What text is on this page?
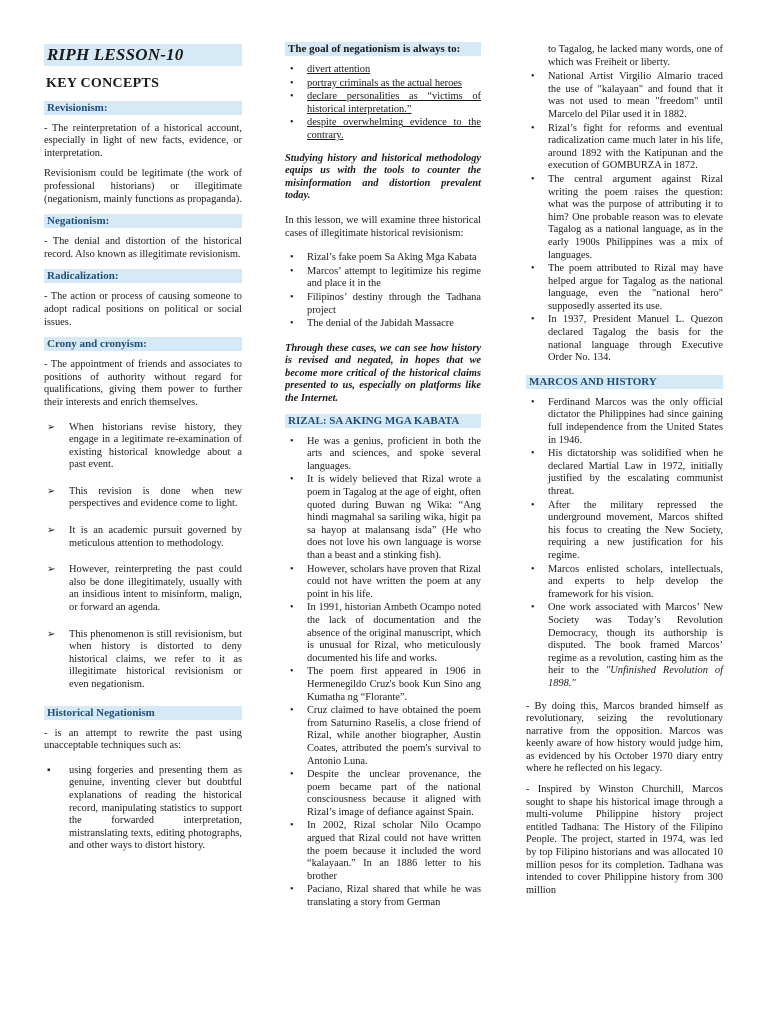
RIPH LESSON-10
KEY CONCEPTS
Revisionism:

- The reinterpretation of a historical account, especially in light of new facts, evidence, or interpretation.

Revisionism could be legitimate (the work of professional historians) or illegitimate (negationism, mainly functions as propaganda).

Negationism:

- The denial and distortion of the historical record. Also known as illegitimate revisionism.

Radicalization:

- The action or process of causing someone to adopt radical positions on political or social issues.

Crony and cronyism:

- The appointment of friends and associates to positions of authority without regard for qualifications, giving them power to further their interests and enrich themselves.

➢ When historians revise history, they engage in a legitimate re-examination of existing historical knowledge about a past event.
➢ This revision is done when new perspectives and evidence come to light.
➢ It is an academic pursuit governed by meticulous attention to methodology.
➢ However, reinterpreting the past could also be done illegitimately, usually with an insidious intent to misinform, malign, or forward an agenda.
➢ This phenomenon is still revisionism, but when history is distorted to deny historical claims, we refer to it as illegitimate historical revisionism or even negationism.
Historical Negationism

- is an attempt to rewrite the past using unacceptable techniques such as:

▪ using forgeries and presenting them as genuine, inventing clever but doubtful explanations of reading the historical record, manipulating statistics to support the forwarded interpretation, mistranslating texts, editing photographs, and other ways to distort history.
The goal of negationism is always to:
• divert attention
• portray criminals as the actual heroes
• declare personalities as “victims of historical interpretation.”
• despite overwhelming evidence to the contrary.

Studying history and historical methodology equips us with the tools to counter the misinformation and distortion prevalent today.

In this lesson, we will examine three historical cases of illegitimate historical revisionism:

• Rizal’s fake poem Sa Aking Mga Kabata
• Marcos’ attempt to legitimize his regime and place it in the
• Filipinos’ destiny through the Tadhana project
• The denial of the Jabidah Massacre

Through these cases, we can see how history is revised and negated, in hopes that we become more critical of the historical claims presented to us, especially on platforms like the Internet.

RIZAL: SA AKING MGA KABATA
• He was a genius, proficient in both the arts and sciences, and spoke several languages.
• It is widely believed that Rizal wrote a poem in Tagalog at the age of eight, often quoted during Buwan ng Wika: “Ang hindi magmahal sa sariling wika, higit pa sa hayop at malansang isda” (He who does not love his own language is worse than a beast and a stinking fish).
• However, scholars have proven that Rizal could not have written the poem at any point in his life.
• In 1991, historian Ambeth Ocampo noted the lack of documentation and the absence of the original manuscript, which is unusual for Rizal, who meticulously documented his life and works.
• The poem first appeared in 1906 in Hermenegildo Cruz's book Kun Sino ang Kumatha ng “Florante”.
• Cruz claimed to have obtained the poem from Saturnino Raselis, a close friend of Rizal, while another biographer, Austin Coates, attributed the poem's survival to Antonio Luna.
• Despite the unclear provenance, the poem became part of the national consciousness because it aligned with Rizal’s image of defiance against Spain.
• In 2002, Rizal scholar Nilo Ocampo argued that Rizal could not have written the poem because it included the word “kalayaan.” In an 1886 letter to his brother
• Paciano, Rizal shared that while he was translating a story from German

to Tagalog, he lacked many words, one of which was Freiheit or liberty.

• National Artist Virgilio Almario traced the use of "kalayaan" and found that it was not used to mean "freedom" until Marcelo del Pilar used it in 1882.
• Rizal’s fight for reforms and eventual radicalization came much later in his life, around 1892 with the Katipunan and the execution of GOMBURZA in 1872.
• The central argument against Rizal writing the poem raises the question: what was the purpose of attributing it to him? One probable reason was to elevate Tagalog as a national language, as in the early 1900s Philippines was a mix of languages.
• The poem attributed to Rizal may have helped argue for Tagalog as the national language, even the "national hero" supposedly asserted its use.
• In 1937, President Manuel L. Quezon declared Tagalog the basis for the national language through Executive Order No. 134.
MARCOS AND HISTORY
• Ferdinand Marcos was the only official dictator the Philippines had since gaining full independence from the United States in 1946.
• His dictatorship was solidified when he declared Martial Law in 1972, initially justified by the escalating communist threat.
• After the military repressed the underground movement, Marcos shifted his focus to creating the New Society, requiring a new justification for his regime.
• Marcos enlisted scholars, intellectuals, and experts to help develop the framework for his vision.
• One work associated with Marcos’ New Society was Today’s Revolution Democracy, though its authorship is disputed. The book framed Marcos’ regime as a revolution, casting him as the heir to the "Unfinished Revolution of 1898."

- By doing this, Marcos branded himself as revolutionary, seizing the revolutionary narrative from the opposition. Marcos was keenly aware of how history would judge him, as evidenced by his October 1970 diary entry where he reflected on his legacy.

- Inspired by Winston Churchill, Marcos sought to shape his historical image through a multi-volume Philippine history project entitled Tadhana: The History of the Filipino People. The project, started in 1974, was led by top Filipino historians and was allocated 10 million pesos for its completion. Tadhana was intended to cover Philippine history from 300 million
